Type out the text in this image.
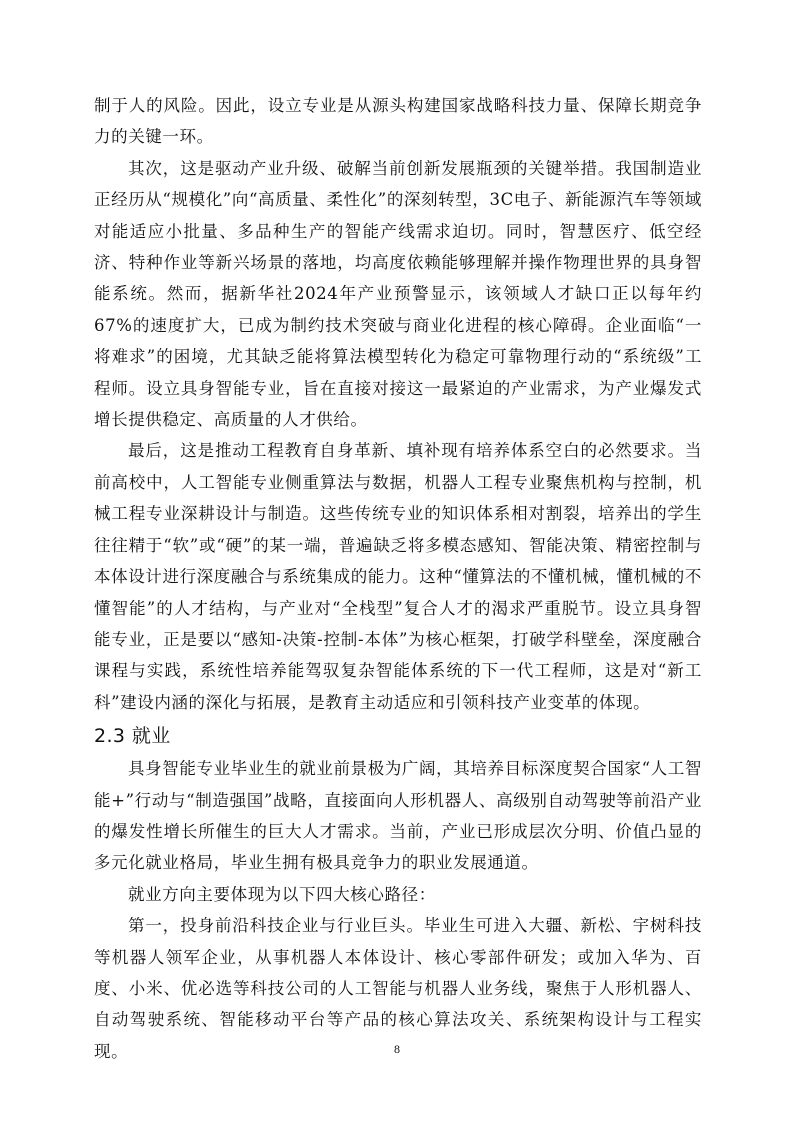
制于人的风险。因此，设立专业是从源头构建国家战略科技力量、保障长期竞争力的关键一环。

其次，这是驱动产业升级、破解当前创新发展瓶颈的关键举措。我国制造业正经历从“规模化”向“高质量、柔性化”的深刻转型，3C电子、新能源汽车等领域对能适应小批量、多品种生产的智能产线需求迫切。同时，智慧医疗、低空经济、特种作业等新兴场景的落地，均高度依赖能够理解并操作物理世界的具身智能系统。然而，据新华社2024年产业预警显示，该领域人才缺口正以每年约67%的速度扩大，已成为制约技术突破与商业化进程的核心障碍。企业面临“一将难求”的困境，尤其缺乏能将算法模型转化为稳定可靠物理行动的“系统级”工程师。设立具身智能专业，旨在直接对接这一最紧迫的产业需求，为产业爆发式增长提供稳定、高质量的人才供给。

最后，这是推动工程教育自身革新、填补现有培养体系空白的必然要求。当前高校中，人工智能专业侧重算法与数据，机器人工程专业聚焦机构与控制，机械工程专业深耕设计与制造。这些传统专业的知识体系相对割裂，培养出的学生往往精于“软”或“硬”的某一端，普遍缺乏将多模态感知、智能决策、精密控制与本体设计进行深度融合与系统集成的能力。这种“懂算法的不懂机械，懂机械的不懂智能”的人才结构，与产业对“全栈型”复合人才的渴求严重脱节。设立具身智能专业，正是要以“感知-决策-控制-本体”为核心框架，打破学科壁垒，深度融合课程与实践，系统性培养能驾驭复杂智能体系统的下一代工程师，这是对“新工科”建设内涵的深化与拓展，是教育主动适应和引领科技产业变革的体现。

2.3 就业

具身智能专业毕业生的就业前景极为广阔，其培养目标深度契合国家“人工智能+”行动与“制造强国”战略，直接面向人形机器人、高级别自动驾驶等前沿产业的爆发性增长所催生的巨大人才需求。当前，产业已形成层次分明、价值凸显的多元化就业格局，毕业生拥有极具竞争力的职业发展通道。

就业方向主要体现为以下四大核心路径：

第一，投身前沿科技企业与行业巨头。毕业生可进入大疆、新松、宇树科技等机器人领军企业，从事机器人本体设计、核心零部件研发；或加入华为、百度、小米、优必选等科技公司的人工智能与机器人业务线，聚焦于人形机器人、自动驾驶系统、智能移动平台等产品的核心算法攻关、系统架构设计与工程实现。	8
